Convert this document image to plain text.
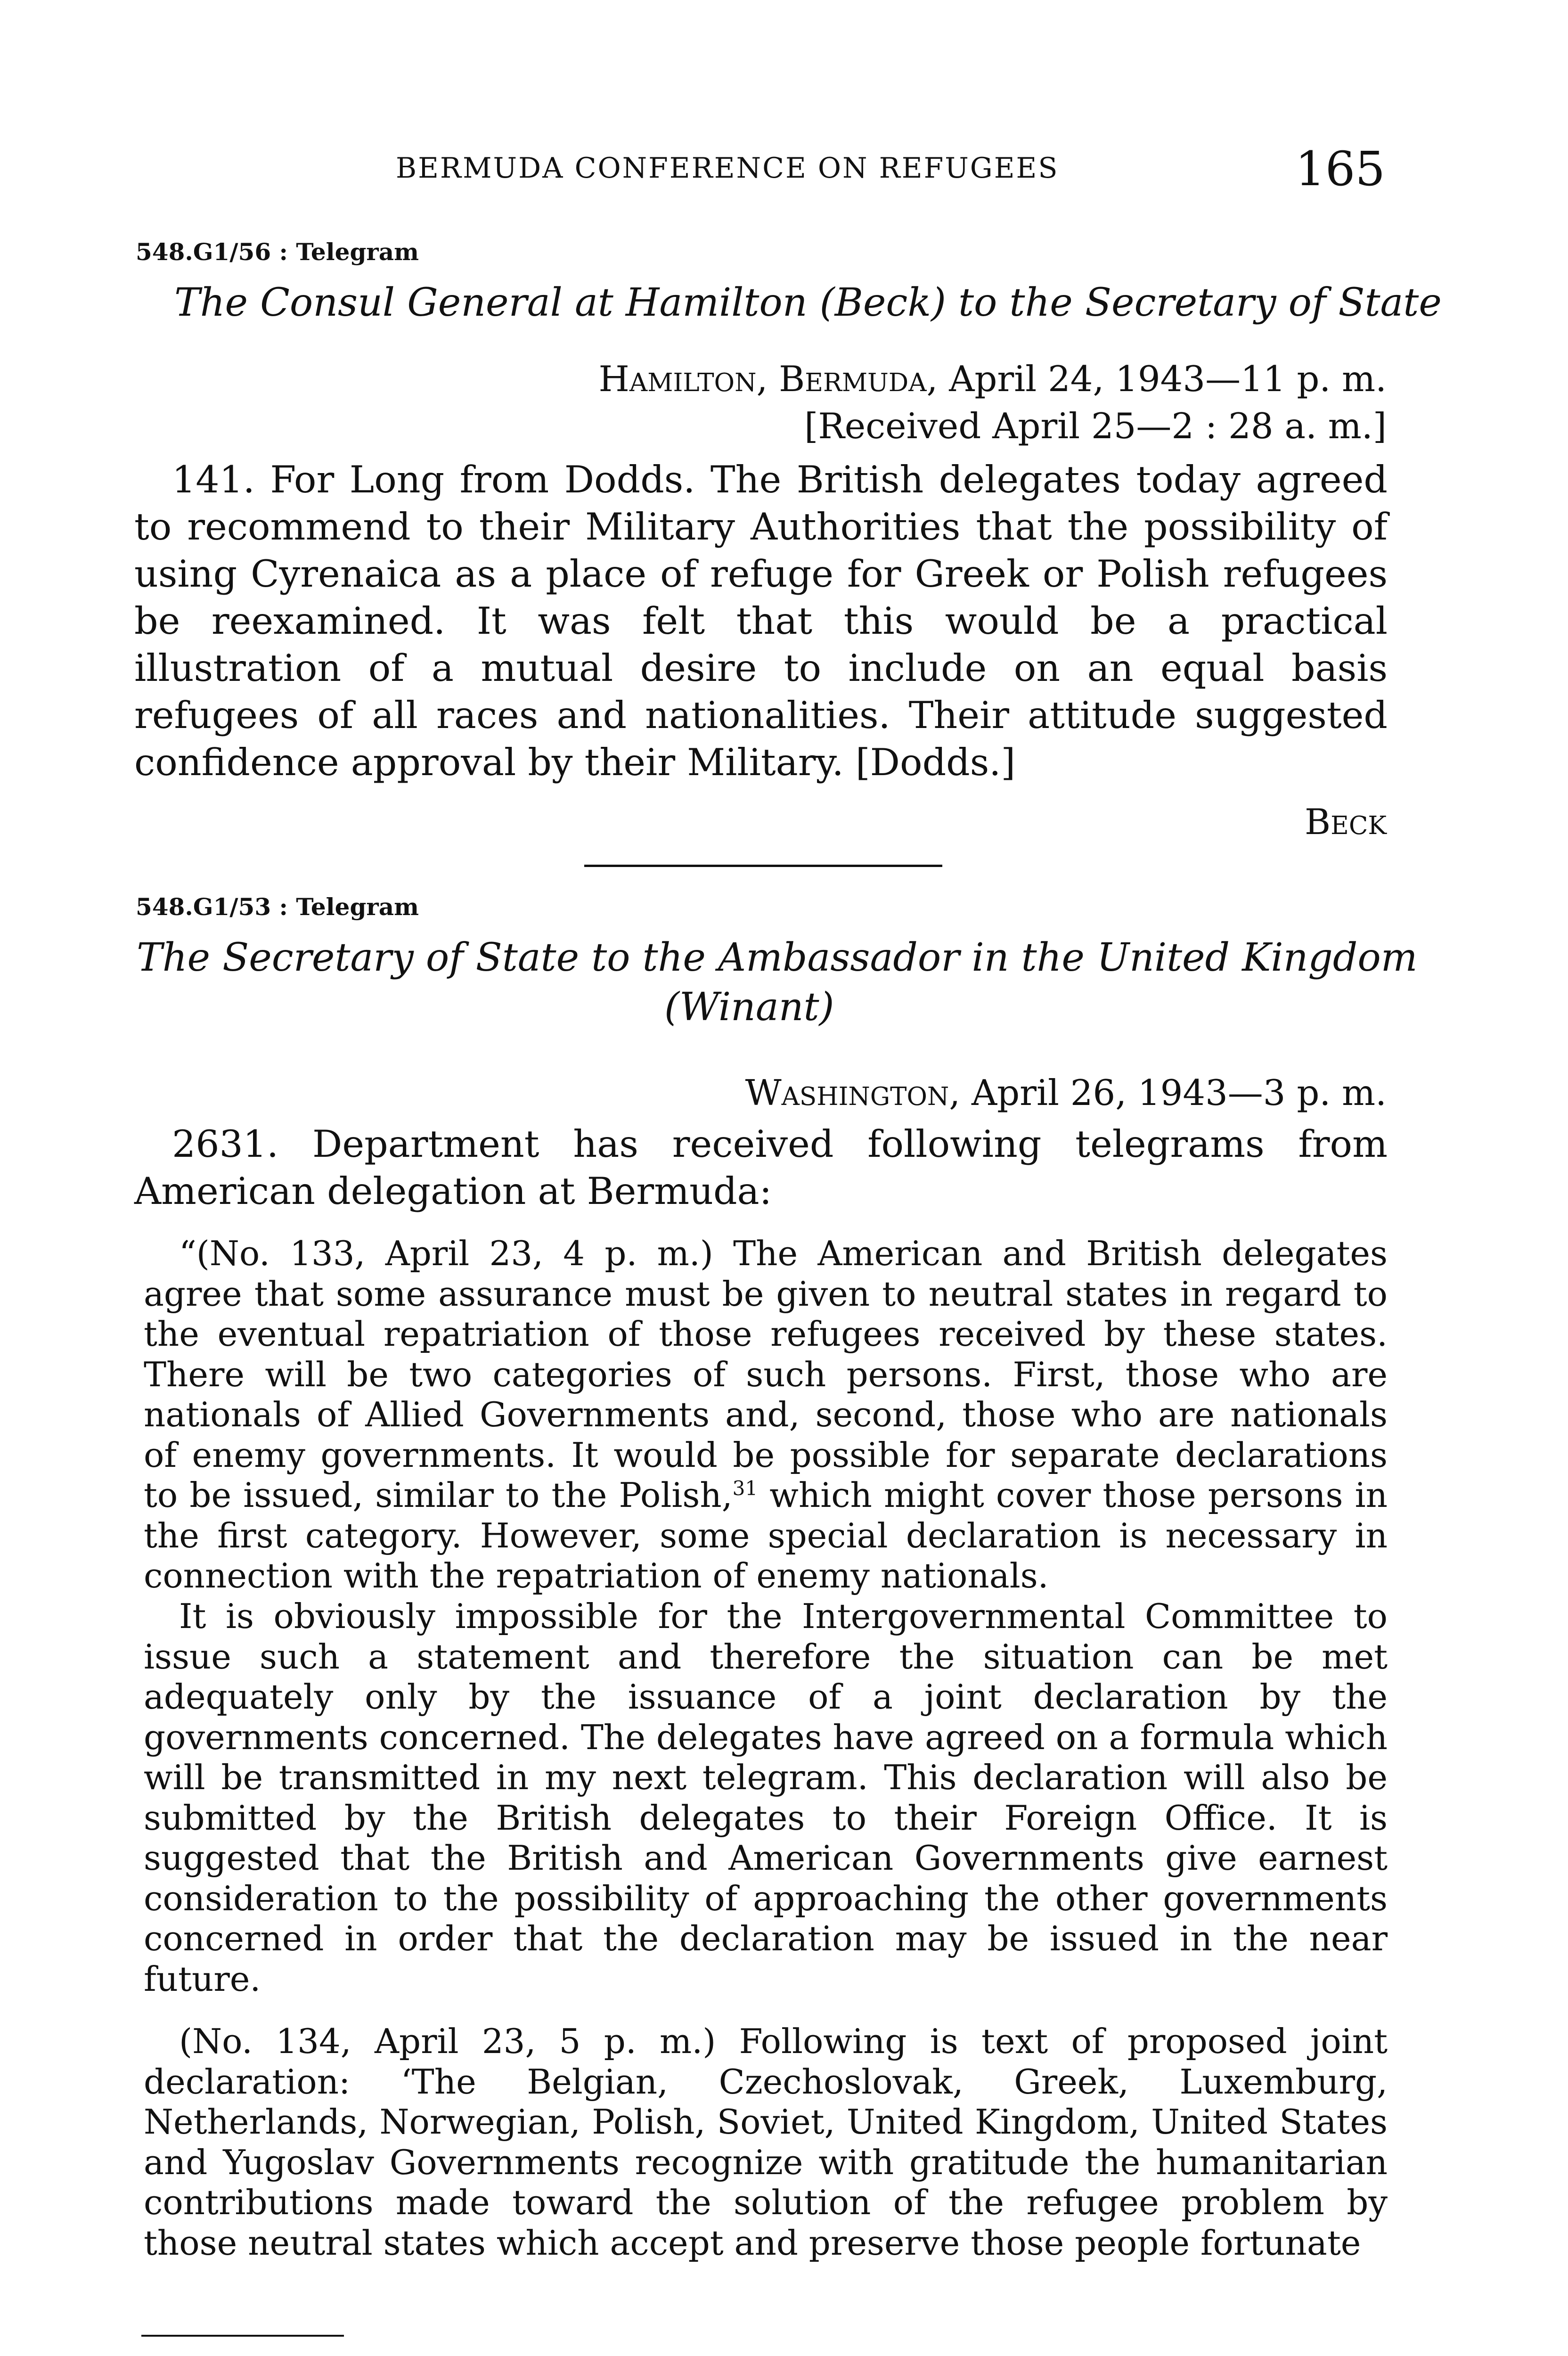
BERMUDA CONFERENCE ON REFUGEES	165
548.G1/56 : Telegram
The Consul General at Hamilton (Beck) to the Secretary of State
Hamilton, Bermuda, April 24, 1943—11 p. m.
[Received April 25—2 : 28 a. m.]

141. For Long from Dodds. The British delegates today agreed to recommend to their Military Authorities that the possibility of using Cyrenaica as a place of refuge for Greek or Polish refugees be reexamined. It was felt that this would be a practical illustration of a mutual desire to include on an equal basis refugees of all races and nationalities. Their attitude suggested confidence approval by their Military. [Dodds.]

Beck
548.G1/53 : Telegram
The Secretary of State to the Ambassador in the United Kingdom
(Winant)
Washington, April 26, 1943—3 p. m.

2631. Department has received following telegrams from American delegation at Bermuda:

“(No. 133, April 23, 4 p. m.) The American and British delegates agree that some assurance must be given to neutral states in regard to the eventual repatriation of those refugees received by these states. There will be two categories of such persons. First, those who are nationals of Allied Governments and, second, those who are nationals of enemy governments. It would be possible for separate declarations to be issued, similar to the Polish,$^{31}$ which might cover those persons in the first category. However, some special declaration is necessary in connection with the repatriation of enemy nationals.

It is obviously impossible for the Intergovernmental Committee to issue such a statement and therefore the situation can be met adequately only by the issuance of a joint declaration by the governments concerned. The delegates have agreed on a formula which will be transmitted in my next telegram. This declaration will also be submitted by the British delegates to their Foreign Office. It is suggested that the British and American Governments give earnest consideration to the possibility of approaching the other governments concerned in order that the declaration may be issued in the near future.

(No. 134, April 23, 5 p. m.) Following is text of proposed joint declaration: ‘The Belgian, Czechoslovak, Greek, Luxemburg, Netherlands, Norwegian, Polish, Soviet, United Kingdom, United States and Yugoslav Governments recognize with gratitude the humanitarian contributions made toward the solution of the refugee problem by those neutral states which accept and preserve those people fortunate
